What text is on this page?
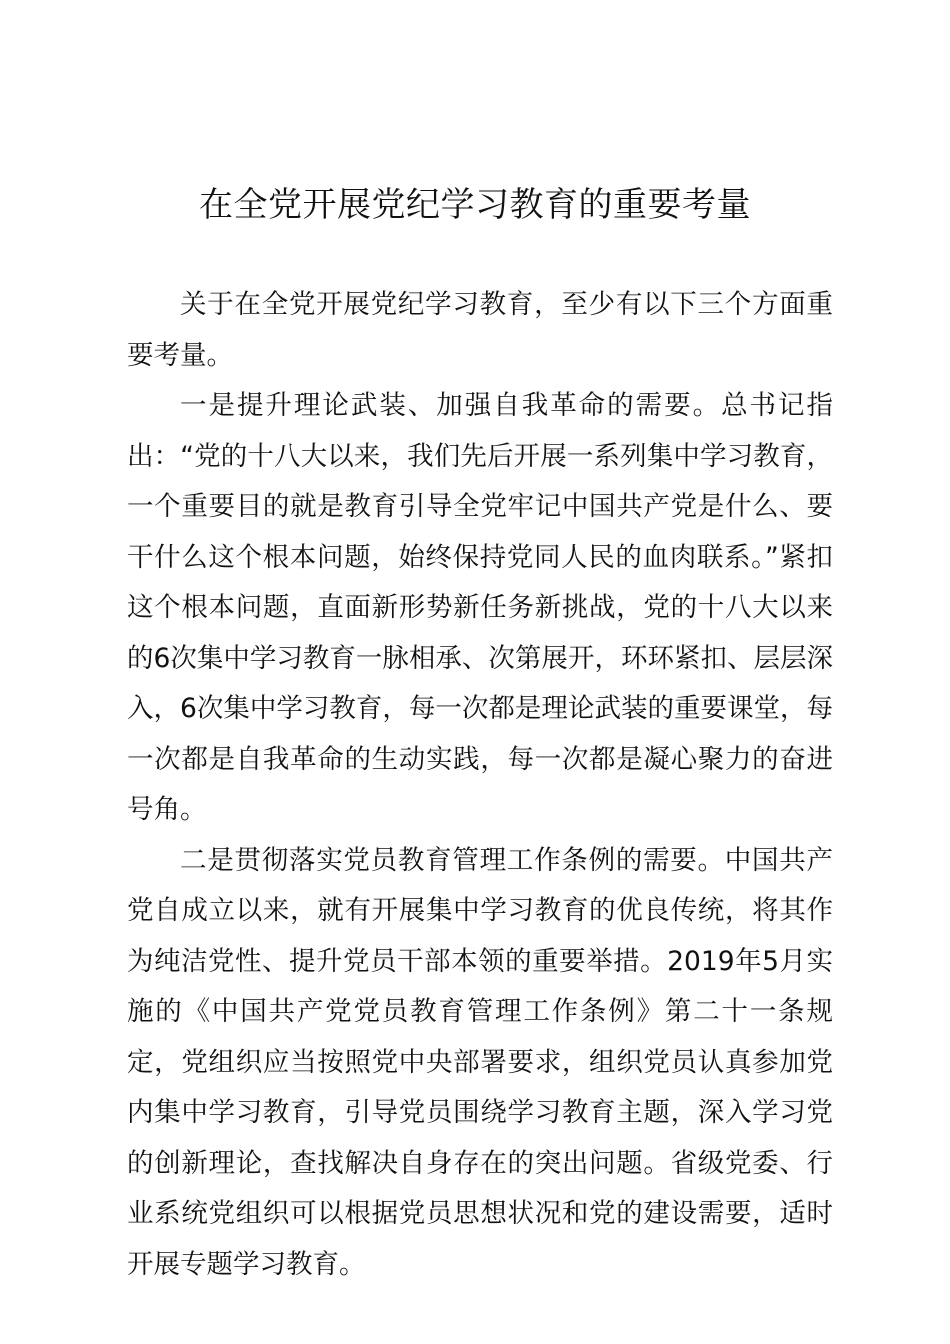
在全党开展党纪学习教育的重要考量

关于在全党开展党纪学习教育，至少有以下三个方面重要考量。

一是提升理论武装、加强自我革命的需要。总书记指出：“党的十八大以来，我们先后开展一系列集中学习教育，一个重要目的就是教育引导全党牢记中国共产党是什么、要干什么这个根本问题，始终保持党同人民的血肉联系。”紧扣这个根本问题，直面新形势新任务新挑战，党的十八大以来的6次集中学习教育一脉相承、次第展开，环环紧扣、层层深入，6次集中学习教育，每一次都是理论武装的重要课堂，每一次都是自我革命的生动实践，每一次都是凝心聚力的奋进号角。

二是贯彻落实党员教育管理工作条例的需要。中国共产党自成立以来，就有开展集中学习教育的优良传统，将其作为纯洁党性、提升党员干部本领的重要举措。2019年5月实施的《中国共产党党员教育管理工作条例》第二十一条规定，党组织应当按照党中央部署要求，组织党员认真参加党内集中学习教育，引导党员围绕学习教育主题，深入学习党的创新理论，查找解决自身存在的突出问题。省级党委、行业系统党组织可以根据党员思想状况和党的建设需要，适时开展专题学习教育。
